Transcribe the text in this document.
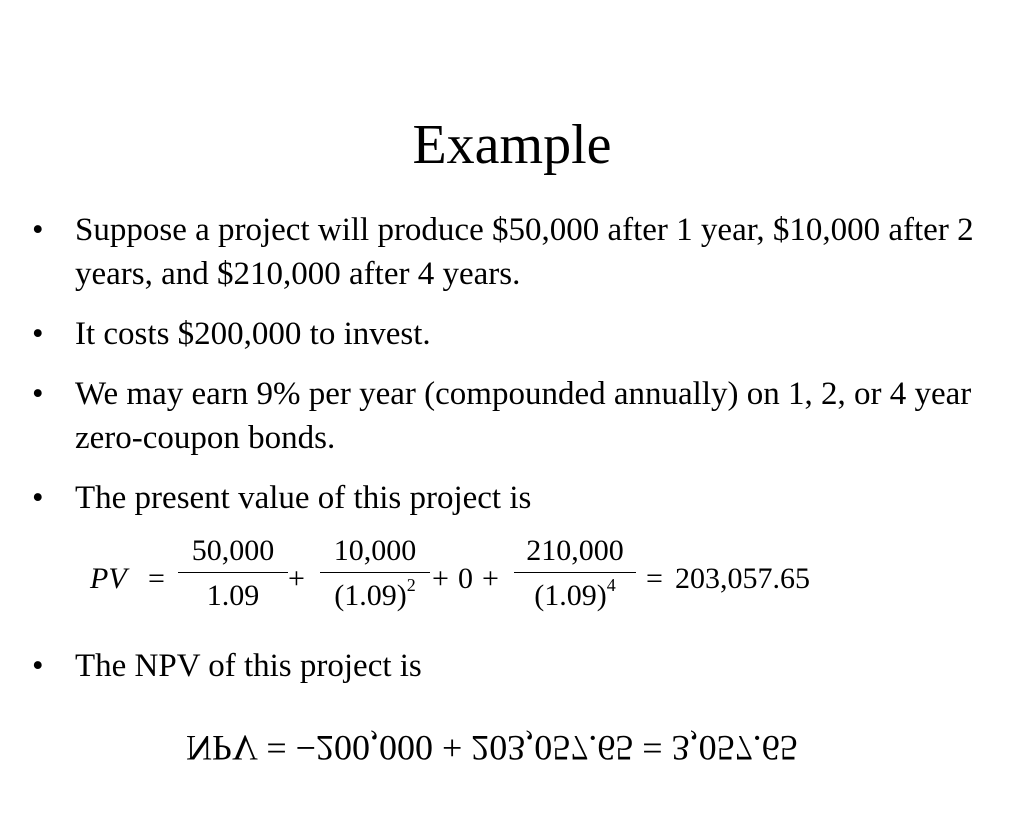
Example
• Suppose a project will produce $50,000 after 1 year, $10,000 after 2 years, and $210,000 after 4 years.
• It costs $200,000 to invest.
• We may earn 9% per year (compounded annually) on 1, 2, or 4 year zero-coupon bonds.
• The present value of this project is
• The NPV of this project is
PV = $\frac{50,000}{1.09} + \frac{10,000}{(1.09)^2} + 0 + \frac{210,000}{(1.09)^4} = 203,057.65$
NPV = −200,000 + 203,057.65 = 3,057.65
